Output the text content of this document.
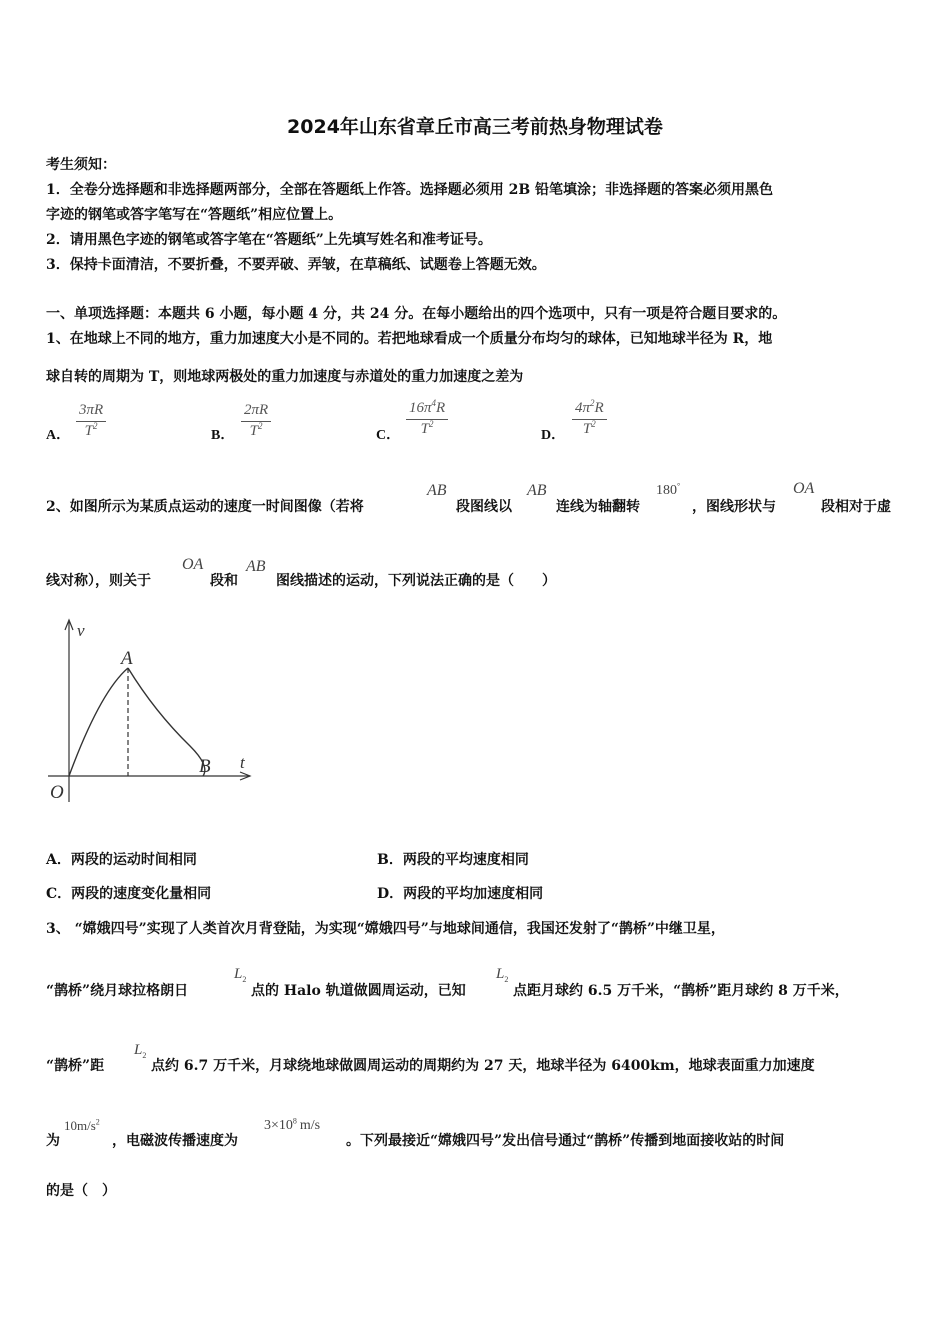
2024年山东省章丘市高三考前热身物理试卷
考生须知：
1．全卷分选择题和非选择题两部分，全部在答题纸上作答。选择题必须用 2B 铅笔填涂；非选择题的答案必须用黑色
字迹的钢笔或答字笔写在“答题纸”相应位置上。
2．请用黑色字迹的钢笔或答字笔在“答题纸”上先填写姓名和准考证号。
3．保持卡面清洁，不要折叠，不要弄破、弄皱，在草稿纸、试题卷上答题无效。
一、单项选择题：本题共 6 小题，每小题 4 分，共 24 分。在每小题给出的四个选项中，只有一项是符合题目要求的。
1、在地球上不同的地方，重力加速度大小是不同的。若把地球看成一个质量分布均匀的球体，已知地球半径为 R，地
球自转的周期为 T，则地球两极处的重力加速度与赤道处的重力加速度之差为
A． $\frac{3\pi R}{T^2}$	B． $\frac{2\pi R}{T^2}$	C． $\frac{16\pi^4R}{T^2}$	D． $\frac{4\pi^2R}{T^2}$
2、如图所示为某质点运动的速度一时间图像（若将
AB
段图线以
AB
连线为轴翻转
180°
，图线形状与
OA
段相对于虚
线对称），则关于
OA
段和
AB
图线描述的运动，下列说法正确的是（　　）
v
t
O
A
B
A．两段的运动时间相同	B．两段的平均速度相同
C．两段的速度变化量相同	D．两段的平均加速度相同
3、 “嫦娥四号”实现了人类首次月背登陆，为实现“嫦娥四号”与地球间通信，我国还发射了“鹊桥”中继卫星，
“鹊桥”绕月球拉格朗日
$L_2$
点的 Halo 轨道做圆周运动，已知
$L_2$
点距月球约 6.5 万千米，“鹊桥”距月球约 8 万千米，
“鹊桥”距
$L_2$
点约 6.7 万千米，月球绕地球做圆周运动的周期约为 27 天，地球半径为 6400km，地球表面重力加速度
为
$10m/s^2$
，电磁波传播速度为
$3\times 10^8$ m/s
。下列最接近“嫦娥四号”发出信号通过“鹊桥”传播到地面接收站的时间
的是（　）
